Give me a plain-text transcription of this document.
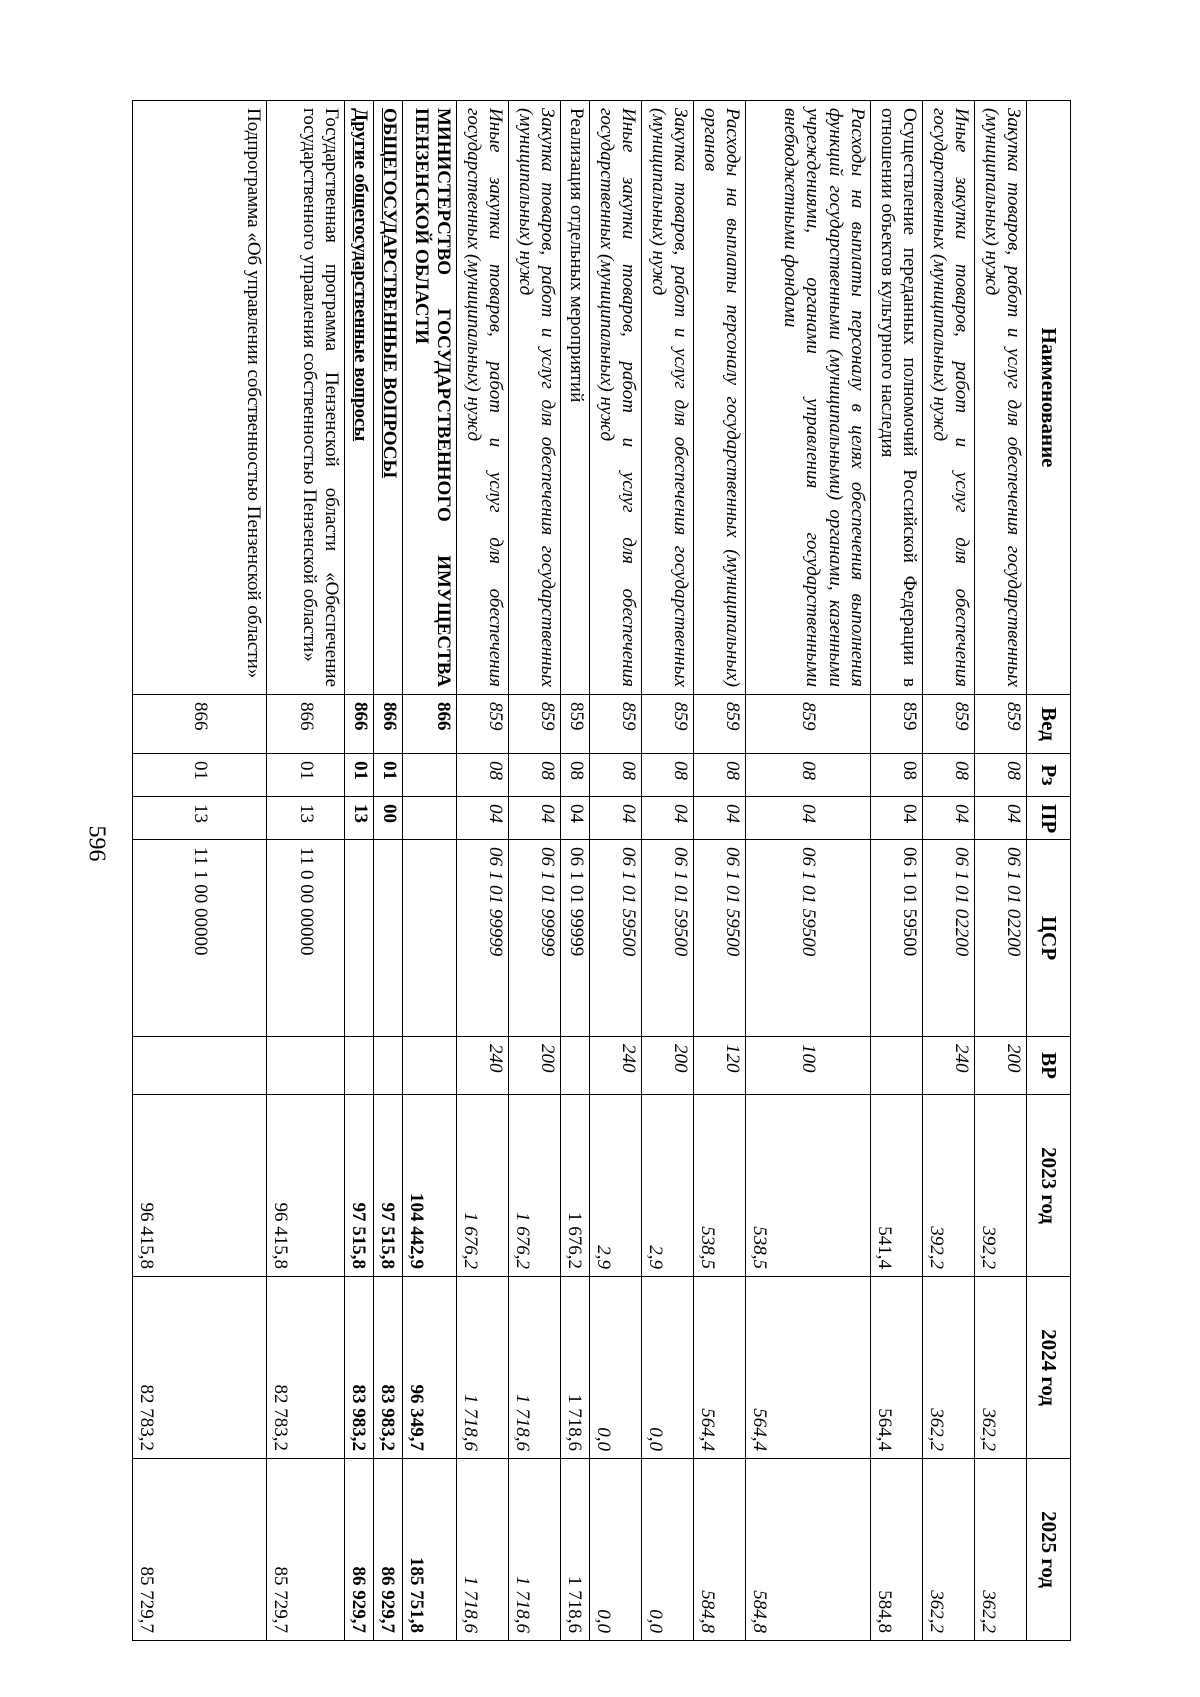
596
Наименование	Вед	Рз	ПР	ЦСР	ВР	2023 год	2024 год	2025 год
Закупка товаров, работ и услуг для обеспечения государственных (муниципальных) нужд	859	08	04	06 1 01 02200	200	392,2	362,2	362,2
Иные закупки товаров, работ и услуг для обеспечения государственных (муниципальных) нужд	859	08	04	06 1 01 02200	240	392,2	362,2	362,2
Осуществление переданных полномочий Российской Федерации в отношении объектов культурного наследия	859	08	04	06 1 01 59500		541,4	564,4	584,8
Расходы на выплаты персоналу в целях обеспечения выполнения функций государственными (муниципальными) органами, казенными учреждениями, органами управления государственными внебюджетными фондами	859	08	04	06 1 01 59500	100	538,5	564,4	584,8
Расходы на выплаты персоналу государственных (муниципальных) органов	859	08	04	06 1 01 59500	120	538,5	564,4	584,8
Закупка товаров, работ и услуг для обеспечения государственных (муниципальных) нужд	859	08	04	06 1 01 59500	200	2,9	0,0	0,0
Иные закупки товаров, работ и услуг для обеспечения государственных (муниципальных) нужд	859	08	04	06 1 01 59500	240	2,9	0,0	0,0
Реализация отдельных мероприятий	859	08	04	06 1 01 99999		1 676,2	1 718,6	1 718,6
Закупка товаров, работ и услуг для обеспечения государственных (муниципальных) нужд	859	08	04	06 1 01 99999	200	1 676,2	1 718,6	1 718,6
Иные закупки товаров, работ и услуг для обеспечения государственных (муниципальных) нужд	859	08	04	06 1 01 99999	240	1 676,2	1 718,6	1 718,6
МИНИСТЕРСТВО ГОСУДАРСТВЕННОГО ИМУЩЕСТВА ПЕНЗЕНСКОЙ ОБЛАСТИ	866					104 442,9	96 349,7	185 751,8
ОБЩЕГОСУДАРСТВЕННЫЕ ВОПРОСЫ	866	01	00			97 515,8	83 983,2	86 929,7
Другие общегосударственные вопросы	866	01	13			97 515,8	83 983,2	86 929,7
Государственная программа Пензенской области «Обеспечение государственного управления собственностью Пензенской области»	866	01	13	11 0 00 00000		96 415,8	82 783,2	85 729,7
Подпрограмма «Об управлении собственностью Пензенской области»	866	01	13	11 1 00 00000		96 415,8	82 783,2	85 729,7
